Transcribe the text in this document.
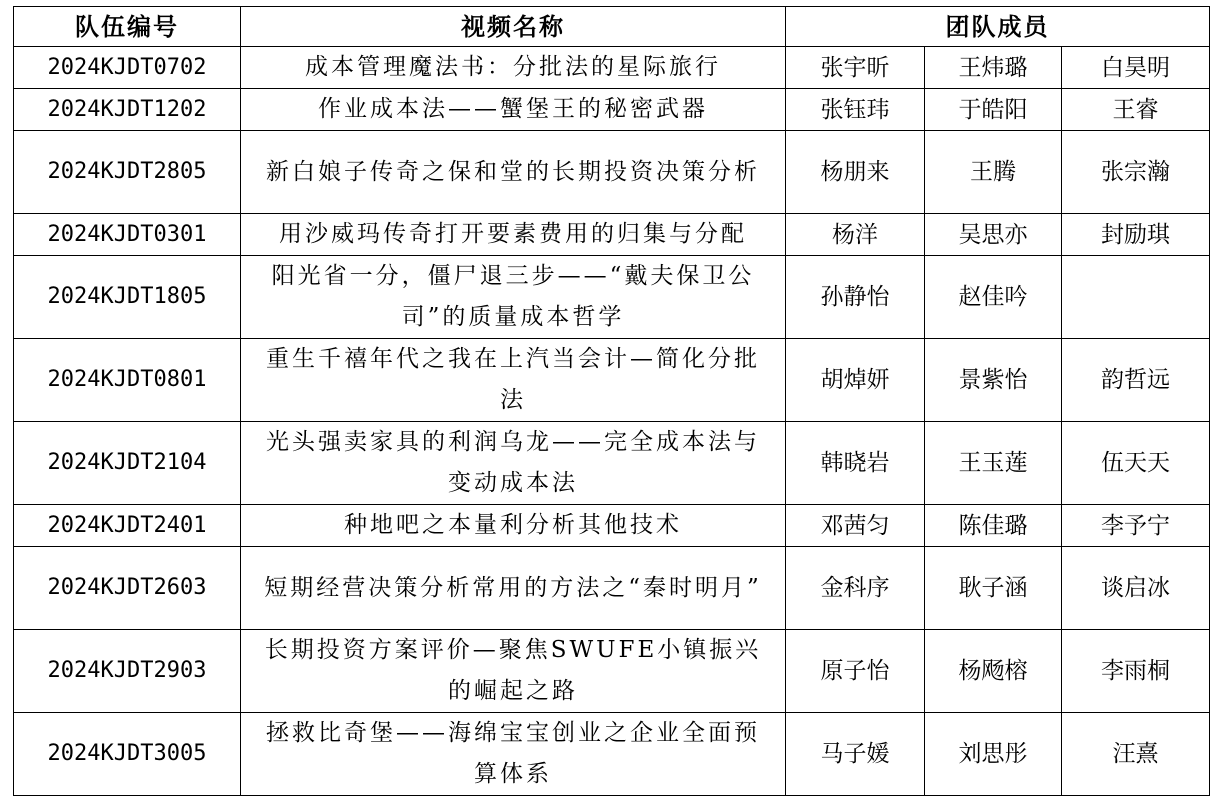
队伍编号	视频名称	团队成员		
2024KJDT0702	成本管理魔法书：分批法的星际旅行	张宇昕	王炜璐	白昊明
2024KJDT1202	作业成本法——蟹堡王的秘密武器	张钰玮	于皓阳	王睿
2024KJDT2805	新白娘子传奇之保和堂的长期投资决策分析	杨朋来	王腾	张宗瀚
2024KJDT0301	用沙威玛传奇打开要素费用的归集与分配	杨洋	吴思亦	封励琪
2024KJDT1805	阳光省一分，僵尸退三步——“戴夫保卫公司”的质量成本哲学	孙静怡	赵佳吟	
2024KJDT0801	重生千禧年代之我在上汽当会计—简化分批法	胡焯妍	景紫怡	韵哲远
2024KJDT2104	光头强卖家具的利润乌龙——完全成本法与变动成本法	韩晓岩	王玉莲	伍天天
2024KJDT2401	种地吧之本量利分析其他技术	邓茜匀	陈佳璐	李予宁
2024KJDT2603	短期经营决策分析常用的方法之“秦时明月”	金科序	耿子涵	谈启冰
2024KJDT2903	长期投资方案评价—聚焦SWUFE小镇振兴的崛起之路	原子怡	杨飏榕	李雨桐
2024KJDT3005	拯救比奇堡——海绵宝宝创业之企业全面预算体系	马子媛	刘思彤	汪熹
